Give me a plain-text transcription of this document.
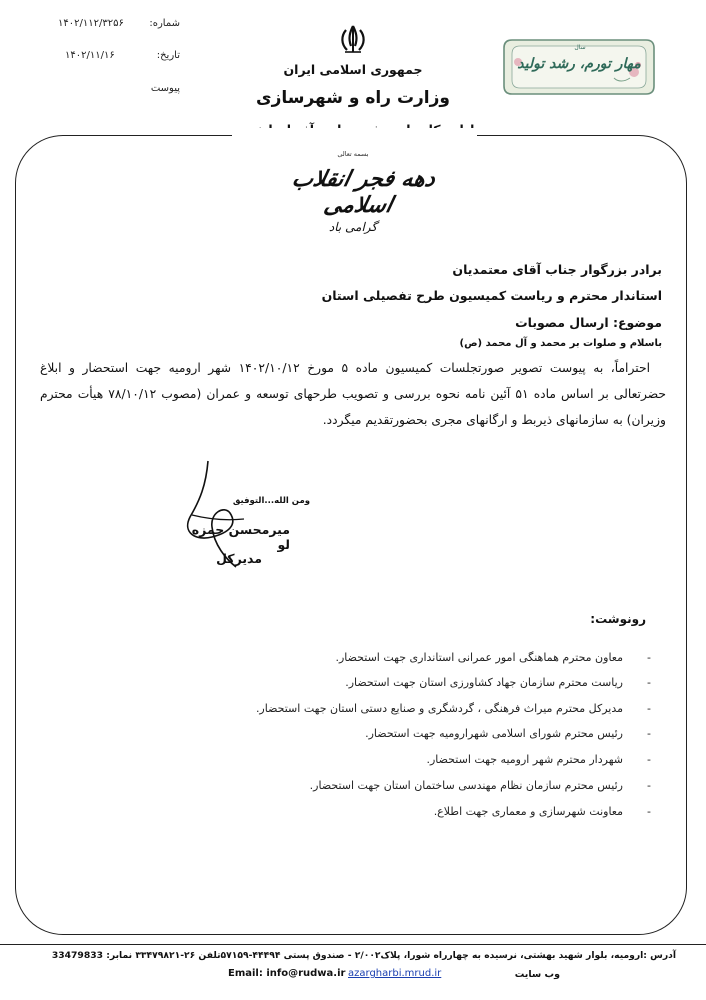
شماره:
۱۴۰۲/۱۱۲/۳۲۵۶
تاریخ:
۱۴۰۲/۱۱/۱۶
پیوست
جمهوری اسلامی ایران
وزارت راه و شهرسازی
مهار تورم، رشد تولید
سال
بسمه تعالی
دهه فجر انقلاب اسلامی
گرامی باد
برادر بزرگوار جناب آقای معتمدیان
استاندار محترم و ریاست کمیسیون طرح تفصیلی استان
موضوع: ارسال مصوبات
باسلام و صلوات بر محمد و آل محمد (ص)
احتراماً، به پیوست تصویر صورتجلسات کمیسیون ماده ۵ مورخ ۱۴۰۲/۱۰/۱۲ شهر ارومیه جهت استحضار و ابلاغ حضرتعالی بر اساس ماده ۵۱ آئین نامه نحوه بررسی و تصویب طرحهای توسعه و عمران (مصوب ۷۸/۱۰/۱۲ هیأت محترم وزیران) به سازمانهای ذیربط و ارگانهای مجری بحضورتقدیم میگردد.
ومن الله...التوفیق
میرمحسن حمزه لو
مدیرکل
رونوشت:
-معاون محترم هماهنگی امور عمرانی استانداری جهت استحضار.
-ریاست محترم سازمان جهاد کشاورزی استان جهت استحضار.
-مدیرکل محترم میراث فرهنگی ، گردشگری و صنایع دستی استان جهت استحضار.
-رئیس محترم شورای اسلامی شهرارومیه جهت استحضار.
-شهردار محترم شهر ارومیه جهت استحضار.
-رئیس محترم سازمان نظام مهندسی ساختمان استان جهت استحضار.
-معاونت شهرسازی و معماری جهت اطلاع.
آدرس :ارومیه، بلوار شهید بهشتی، نرسیده به چهارراه شورا، پلاک۲/۰۰۲ - صندوق پستی ۴۴۴۹۴-۵۷۱۵۹تلفن ۲۶-۳۳۴۷۹۸۲۱ نمابر: 33479833
وب سایت
azargharbi.mrud.ir
Email: info@rudwa.ir
